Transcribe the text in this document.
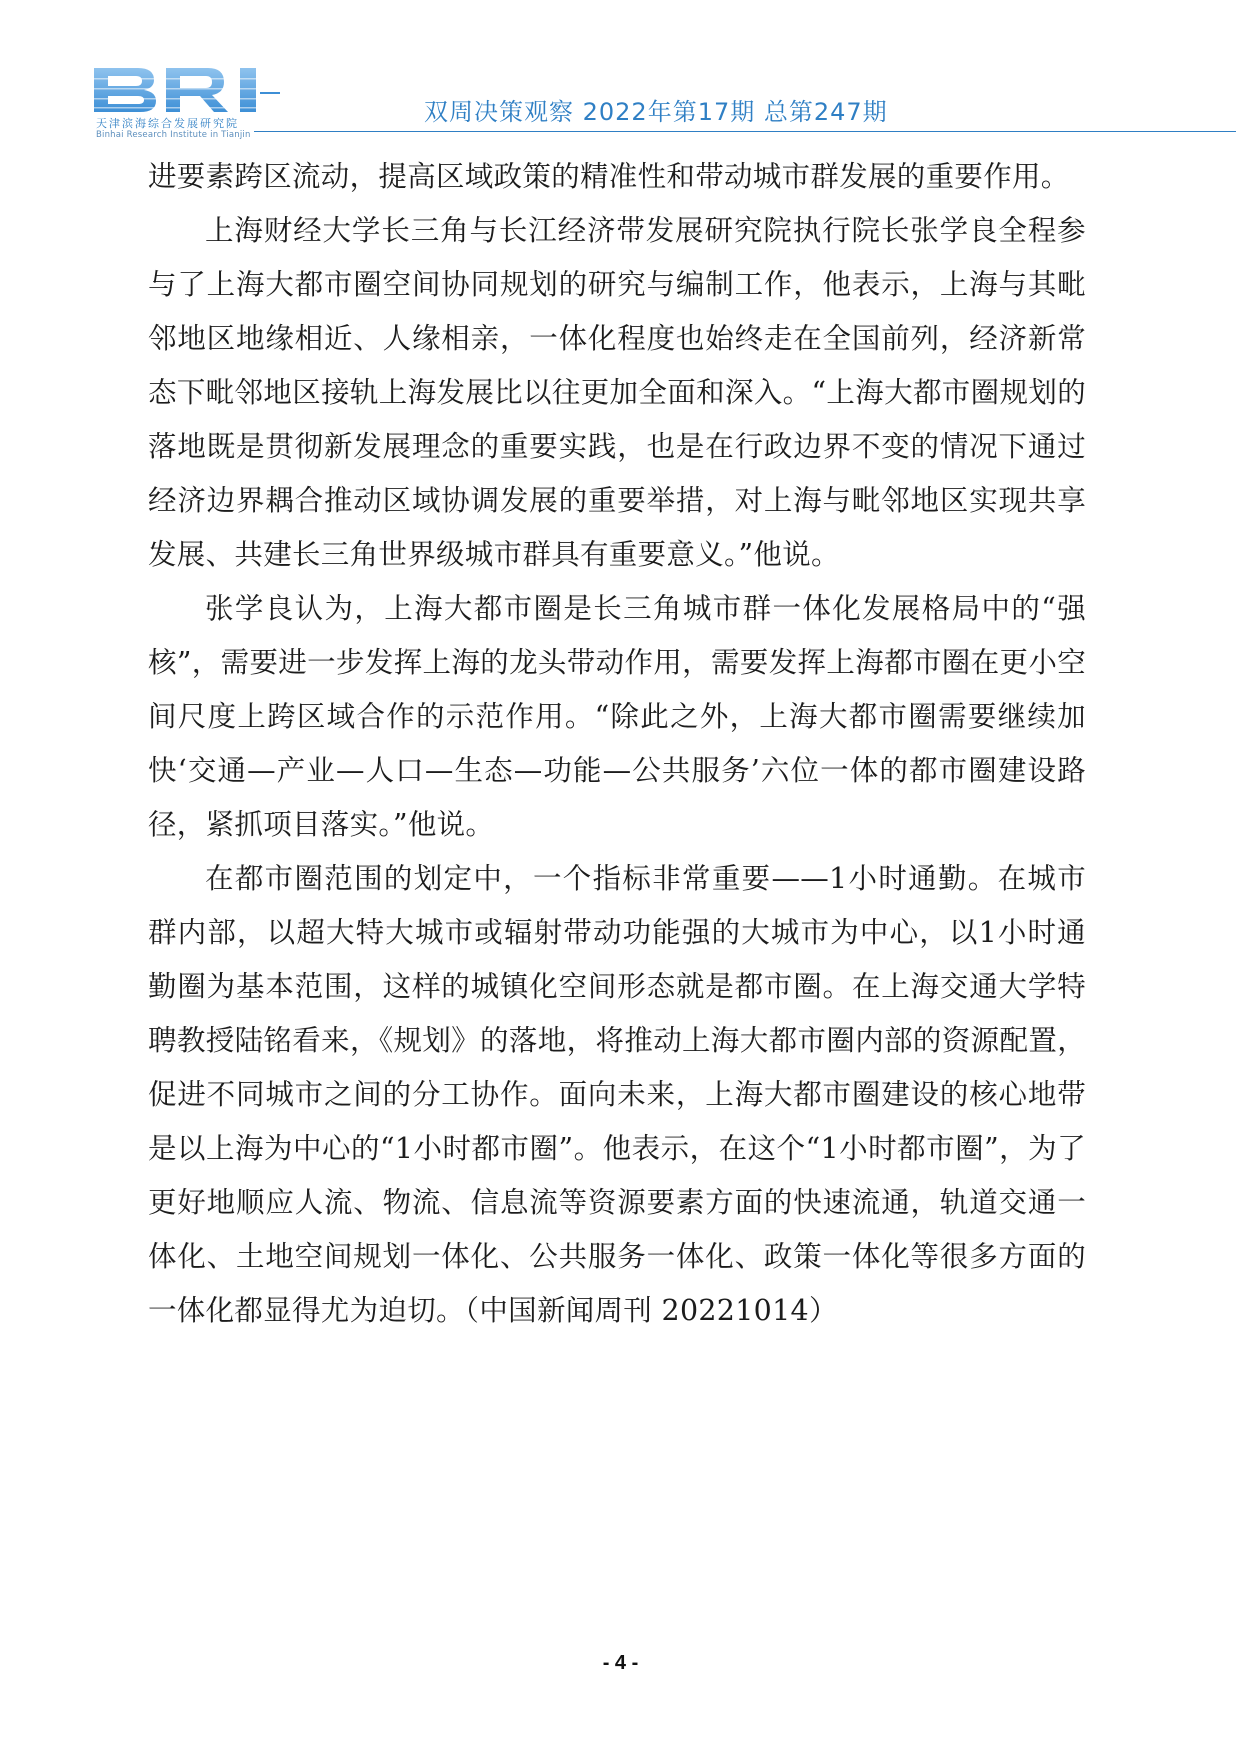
天津滨海综合发展研究院
Binhai Research Institute in Tianjin
双周决策观察 2022年第17期 总第247期

进要素跨区流动，提高区域政策的精准性和带动城市群发展的重要作用。

上海财经大学长三角与长江经济带发展研究院执行院长张学良全程参与了上海大都市圈空间协同规划的研究与编制工作，他表示，上海与其毗邻地区地缘相近、人缘相亲，一体化程度也始终走在全国前列，经济新常态下毗邻地区接轨上海发展比以往更加全面和深入。“上海大都市圈规划的落地既是贯彻新发展理念的重要实践，也是在行政边界不变的情况下通过经济边界耦合推动区域协调发展的重要举措，对上海与毗邻地区实现共享发展、共建长三角世界级城市群具有重要意义。”他说。

张学良认为，上海大都市圈是长三角城市群一体化发展格局中的“强核”，需要进一步发挥上海的龙头带动作用，需要发挥上海都市圈在更小空间尺度上跨区域合作的示范作用。“除此之外，上海大都市圈需要继续加快‘交通—产业—人口—生态—功能—公共服务’六位一体的都市圈建设路径，紧抓项目落实。”他说。

在都市圈范围的划定中，一个指标非常重要——1小时通勤。在城市群内部，以超大特大城市或辐射带动功能强的大城市为中心，以1小时通勤圈为基本范围，这样的城镇化空间形态就是都市圈。在上海交通大学特聘教授陆铭看来，《规划》的落地，将推动上海大都市圈内部的资源配置，促进不同城市之间的分工协作。面向未来，上海大都市圈建设的核心地带是以上海为中心的“1小时都市圈”。他表示，在这个“1小时都市圈”，为了更好地顺应人流、物流、信息流等资源要素方面的快速流通，轨道交通一体化、土地空间规划一体化、公共服务一体化、政策一体化等很多方面的一体化都显得尤为迫切。（中国新闻周刊 20221014）

- 4 -
